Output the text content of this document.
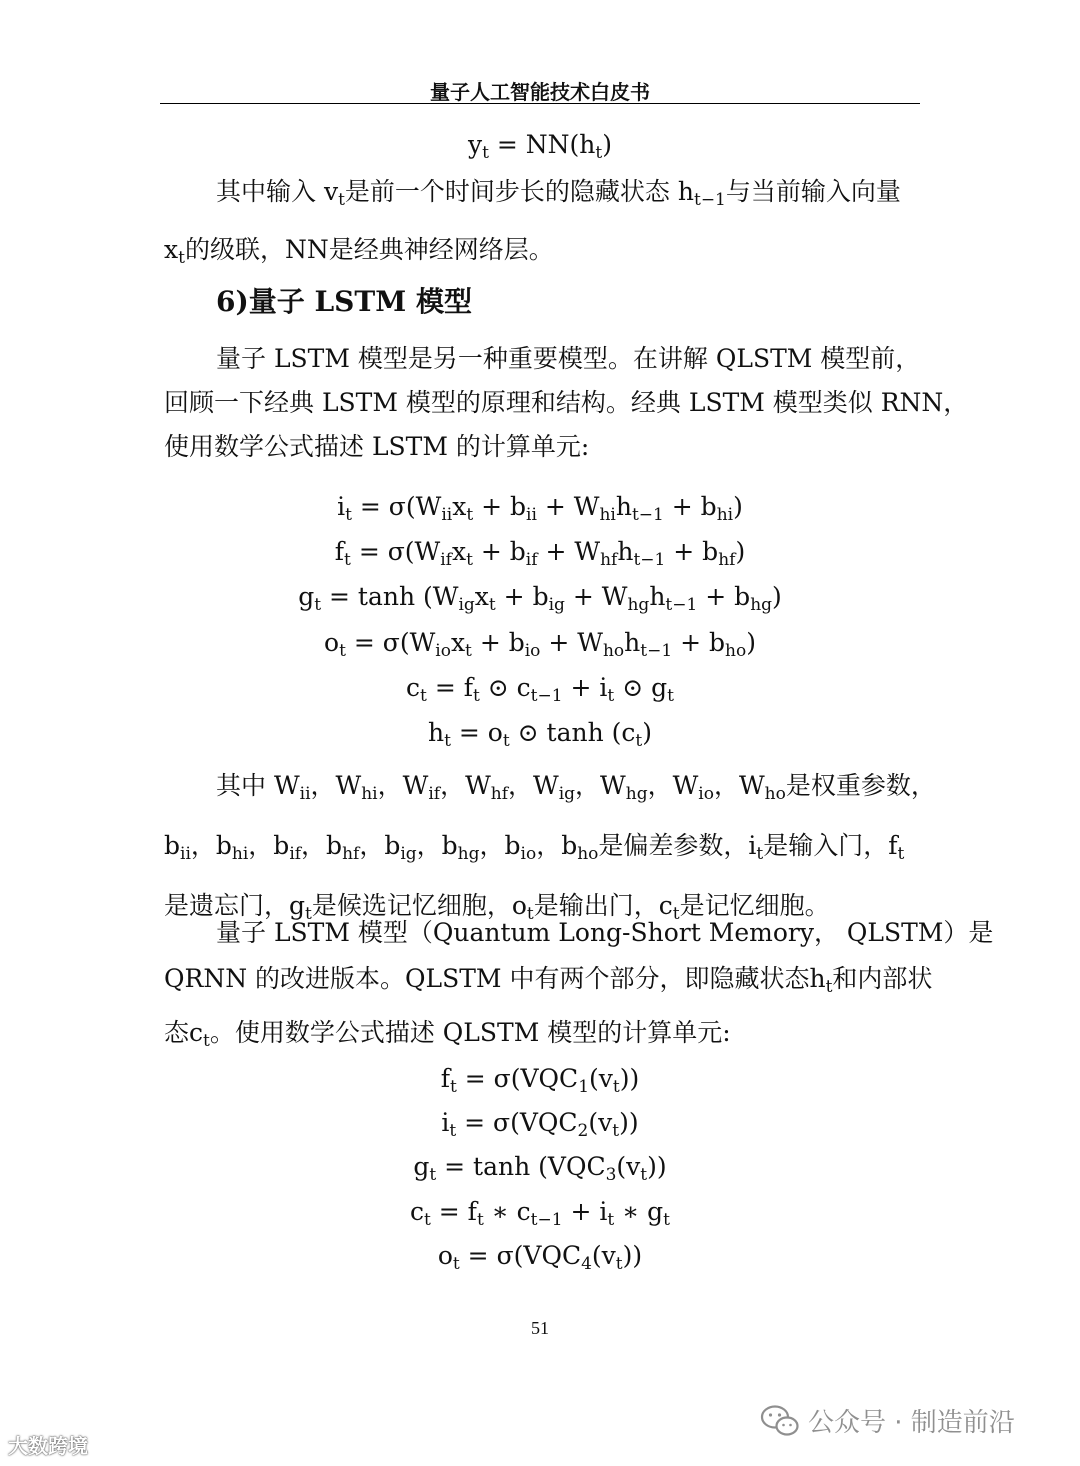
量子人工智能技术白皮书
$y_t = NN(h_t)$
其中输入 $v_t$是前一个时间步长的隐藏状态 $h_{t-1}$与当前输入向量
$x_t$的级联，NN是经典神经网络层。
6)量子 LSTM 模型
量子 LSTM 模型是另一种重要模型。在讲解 QLSTM 模型前，
回顾一下经典 LSTM 模型的原理和结构。经典 LSTM 模型类似 RNN，
使用数学公式描述 LSTM 的计算单元:
$i_t = \sigma(W_{ii}x_t + b_{ii} + W_{hi}h_{t-1} + b_{hi})$
$f_t = \sigma(W_{if}x_t + b_{if} + W_{hf}h_{t-1} + b_{hf})$
$g_t = \tanh (W_{ig}x_t + b_{ig} + W_{hg}h_{t-1} + b_{hg})$
$o_t = \sigma(W_{io}x_t + b_{io} + W_{ho}h_{t-1} + b_{ho})$
$c_t = f_t$ ⊙ $c_{t-1} + i_t$ ⊙ $g_t$
$h_t = o_t$ ⊙ $\tanh (c_t)$
其中 $W_{ii}$，$W_{hi}$，$W_{if}$，$W_{hf}$，$W_{ig}$，$W_{hg}$，$W_{io}$，$W_{ho}$是权重参数，
$b_{ii}$，$b_{hi}$，$b_{if}$，$b_{hf}$，$b_{ig}$，$b_{hg}$，$b_{io}$，$b_{ho}$是偏差参数，$i_t$是输入门，$f_t$
是遗忘门，$g_t$是候选记忆细胞，$o_t$是输出门，$c_t$是记忆细胞。
量子 LSTM 模型（Quantum Long-Short Memory， QLSTM）是
QRNN 的改进版本。QLSTM 中有两个部分，即隐藏状态$h_t$和内部状
态$c_t$。使用数学公式描述 QLSTM 模型的计算单元:
$f_t = \sigma(VQC_1(v_t))$
$i_t = \sigma(VQC_2(v_t))$
$g_t = \tanh (VQC_3(v_t))$
$c_t = f_t$ ∗ $c_{t-1} + i_t$ ∗ $g_t$
$o_t = \sigma(VQC_4(v_t))$
51
大数跨境
公众号 · 制造前沿
